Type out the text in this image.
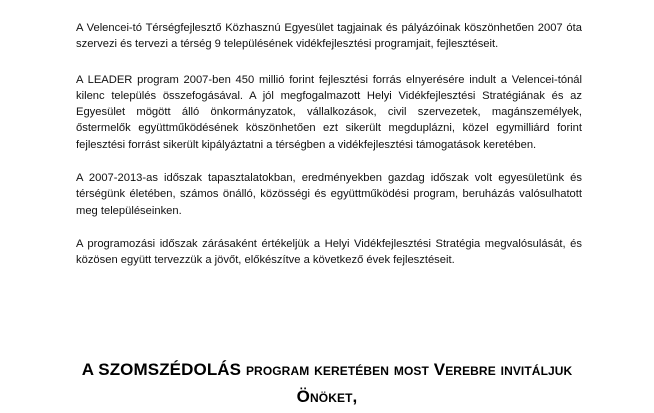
A Velencei-tó Térségfejlesztő Közhasznú Egyesület tagjainak és pályázóinak köszönhetően 2007 óta szervezi és tervezi a térség 9 településének vidékfejlesztési programjait, fejlesztéseit.

A LEADER program 2007-ben 450 millió forint fejlesztési forrás elnyerésére indult a Velencei-tónál kilenc település összefogásával. A jól megfogalmazott Helyi Vidékfejlesztési Stratégiának és az Egyesület mögött álló önkormányzatok, vállalkozások, civil szervezetek, magánszemélyek, őstermelők együttműködésének köszönhetően ezt sikerült megduplázni, közel egymilliárd forint fejlesztési forrást sikerült kipályáztatni a térségben a vidékfejlesztési támogatások keretében.

A 2007-2013-as időszak tapasztalatokban, eredményekben gazdag időszak volt egyesületünk és térségünk életében, számos önálló, közösségi és együttműködési program, beruházás valósulhatott meg településeinken.

A programozási időszak zárásaként értékeljük a Helyi Vidékfejlesztési Stratégia megvalósulását, és közösen együtt tervezzük a jövőt, előkészítve a következő évek fejlesztéseit.

A SZOMSZÉDOLÁS program keretében most Verebre invitáljuk Önöket,
